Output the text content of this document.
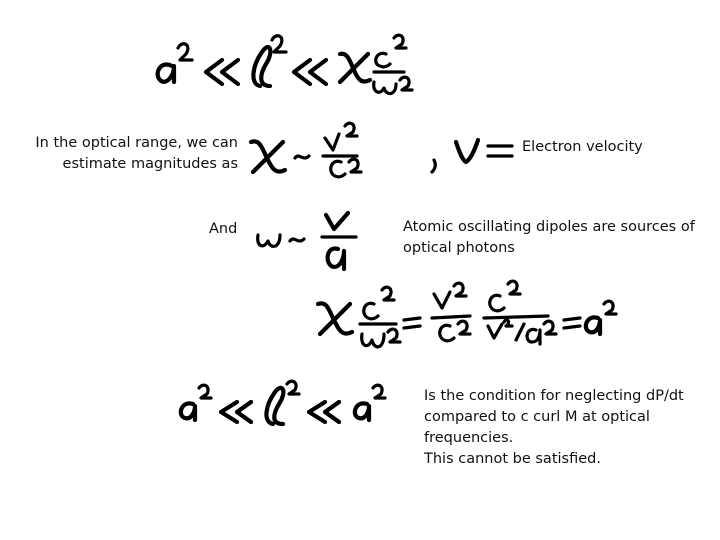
In the optical range, we can
estimate magnitudes as
Electron velocity
And	Atomic oscillating dipoles are sources of
optical photons
Is the condition for neglecting dP/dt
compared to c curl M at optical
frequencies.
This cannot be satisfied.
